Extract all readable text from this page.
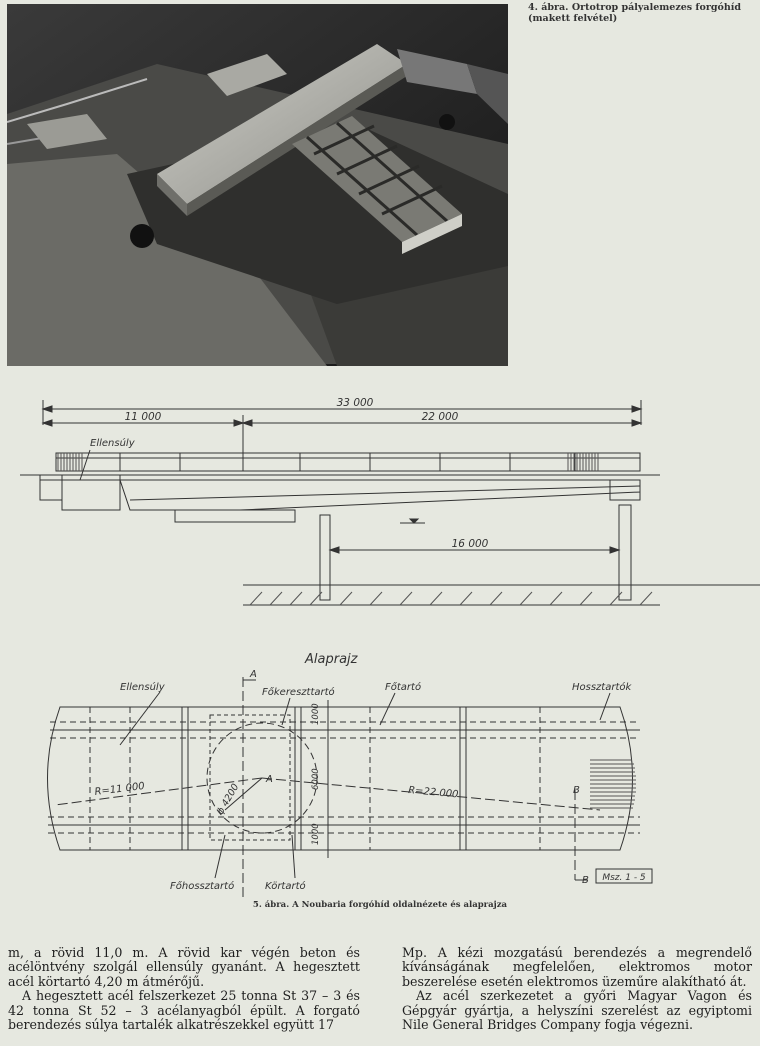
4. ábra. Ortotrop pályalemezes forgóhíd
(makett felvétel)
33 000
11 000	22 000
16 000
Ellensúly
Alaprajz
Ellensúly	Főkereszttartó	Főtartó	Hossztartók
Főhossztartó	Körtartó
R=11 000	R=22 000
ϕ 4200
1000
6000
1000
A
A
B
B Msz. 1 - 5
5. ábra. A Noubaria forgóhíd oldalnézete és alaprajza

m, a rövid 11,0 m. A rövid kar végén beton és acélöntvény szolgál ellensúly gyanánt. A hegesztett acél körtartó 4,20 m átmérőjű.

A hegesztett acél felszerkezet 25 tonna St 37 – 3 és 42 tonna St 52 – 3 acélanyagból épült. A forgató berendezés súlya tartalék alkatrészekkel együtt 17

Mp. A kézi mozgatású berendezés a megrendelő kívánságának megfelelően, elektromos motor beszerelése esetén elektromos üzeműre alakítható át.

Az acél szerkezetet a győri Magyar Vagon és Gépgyár gyártja, a helyszíni szerelést az egyiptomi Nile General Bridges Company fogja végezni.
